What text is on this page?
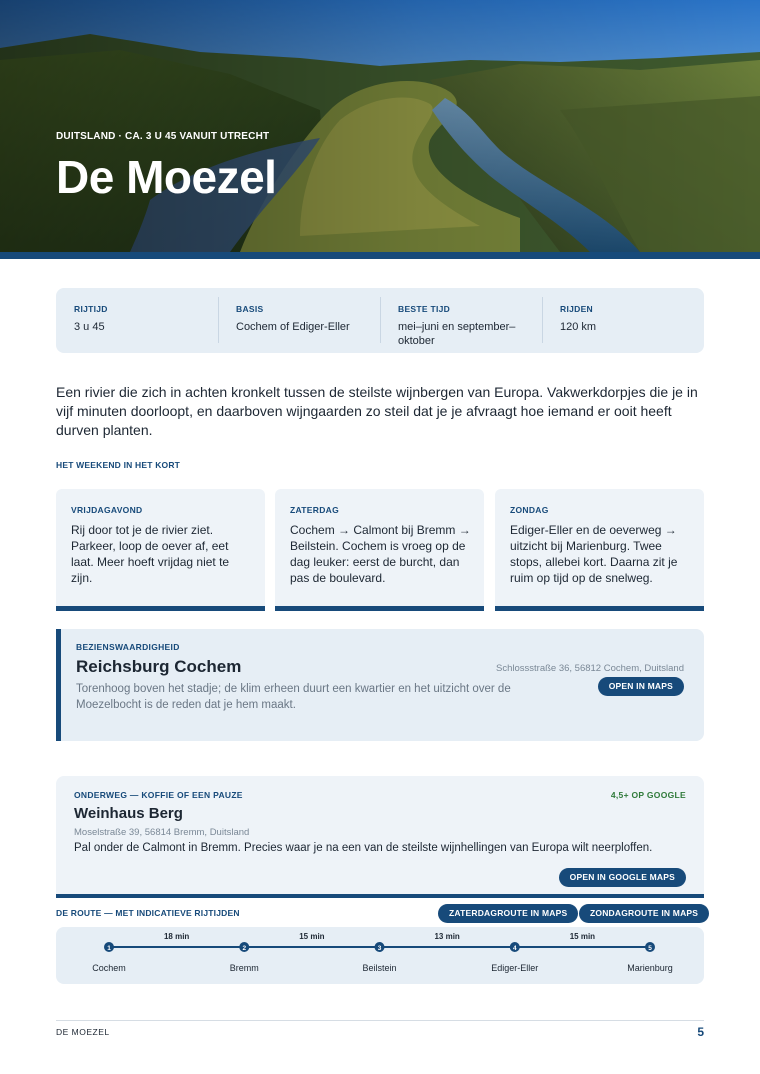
DUITSLAND · CA. 3 U 45 VANUIT UTRECHT
De Moezel
RIJTIJD
3 u 45
BASIS
Cochem of Ediger-Eller
BESTE TIJD
mei–juni en september–oktober
RIJDEN
120 km

Een rivier die zich in achten kronkelt tussen de steilste wijnbergen van Europa. Vakwerkdorpjes die je in vijf minuten doorloopt, en daarboven wijngaarden zo steil dat je je afvraagt hoe iemand er ooit heeft durven planten.

HET WEEKEND IN HET KORT
VRIJDAGAVOND
Rij door tot je de rivier ziet. Parkeer, loop de oever af, eet laat. Meer hoeft vrijdag niet te zijn.
ZATERDAG
Cochem → Calmont bij Bremm → Beilstein. Cochem is vroeg op de dag leuker: eerst de burcht, dan pas de boulevard.
ZONDAG
Ediger-Eller en de oeverweg → uitzicht bij Marienburg. Twee stops, allebei kort. Daarna zit je ruim op tijd op de snelweg.
BEZIENSWAARDIGHEID
Reichsburg Cochem	Schlossstraße 36, 56812 Cochem, Duitsland
Torenhoog boven het stadje; de klim erheen duurt een kwartier en het uitzicht over de Moezelbocht is de reden dat je hem maakt.
OPEN IN MAPS
ONDERWEG — KOFFIE OF EEN PAUZE	4,5+ OP GOOGLE
Weinhaus Berg
Moselstraße 39, 56814 Bremm, Duitsland
Pal onder de Calmont in Bremm. Precies waar je na een van de steilste wijnhellingen van Europa wilt neerploffen.
OPEN IN GOOGLE MAPS
DE ROUTE — MET INDICATIEVE RIJTIJDEN	ZATERDAGROUTE IN MAPS	ZONDAGROUTE IN MAPS
18 min	15 min	13 min	15 min
1
Cochem
2
Bremm
3
Beilstein
4
Ediger-Eller
5
Marienburg
DE MOEZEL	5
